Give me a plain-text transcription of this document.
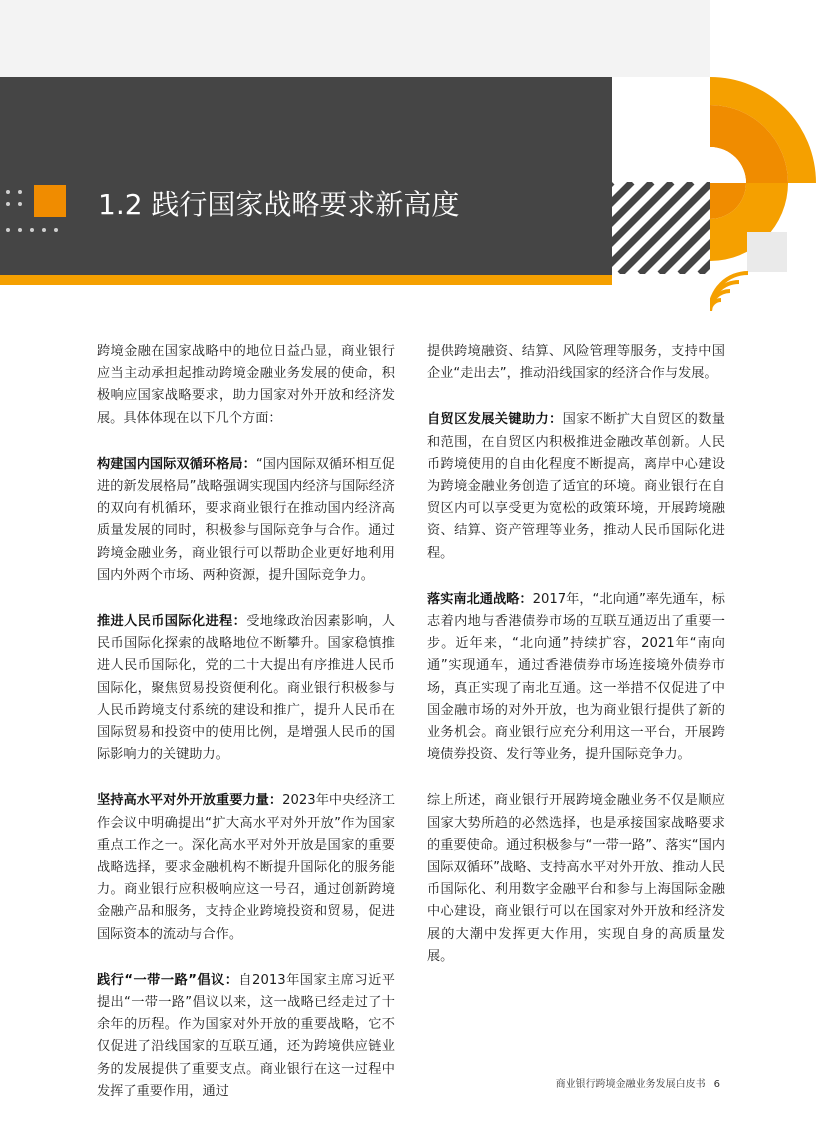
1.2 践行国家战略要求新高度

跨境金融在国家战略中的地位日益凸显，商业银行应当主动承担起推动跨境金融业务发展的使命，积极响应国家战略要求，助力国家对外开放和经济发展。具体体现在以下几个方面：

构建国内国际双循环格局：“国内国际双循环相互促进的新发展格局”战略强调实现国内经济与国际经济的双向有机循环，要求商业银行在推动国内经济高质量发展的同时，积极参与国际竞争与合作。通过跨境金融业务，商业银行可以帮助企业更好地利用国内外两个市场、两种资源，提升国际竞争力。

推进人民币国际化进程：受地缘政治因素影响，人民币国际化探索的战略地位不断攀升。国家稳慎推进人民币国际化，党的二十大提出有序推进人民币国际化，聚焦贸易投资便利化。商业银行积极参与人民币跨境支付系统的建设和推广，提升人民币在国际贸易和投资中的使用比例，是增强人民币的国际影响力的关键助力。

坚持高水平对外开放重要力量：2023年中央经济工作会议中明确提出“扩大高水平对外开放”作为国家重点工作之一。深化高水平对外开放是国家的重要战略选择，要求金融机构不断提升国际化的服务能力。商业银行应积极响应这一号召，通过创新跨境金融产品和服务，支持企业跨境投资和贸易，促进国际资本的流动与合作。

践行“一带一路”倡议：自2013年国家主席习近平提出“一带一路”倡议以来，这一战略已经走过了十余年的历程。作为国家对外开放的重要战略，它不仅促进了沿线国家的互联互通，还为跨境供应链业务的发展提供了重要支点。商业银行在这一过程中发挥了重要作用，通过

提供跨境融资、结算、风险管理等服务，支持中国企业“走出去”，推动沿线国家的经济合作与发展。

自贸区发展关键助力：国家不断扩大自贸区的数量和范围，在自贸区内积极推进金融改革创新。人民币跨境使用的自由化程度不断提高，离岸中心建设为跨境金融业务创造了适宜的环境。商业银行在自贸区内可以享受更为宽松的政策环境，开展跨境融资、结算、资产管理等业务，推动人民币国际化进程。

落实南北通战略：2017年，“北向通”率先通车，标志着内地与香港债券市场的互联互通迈出了重要一步。近年来，“北向通”持续扩容，2021年“南向通”实现通车，通过香港债券市场连接境外债券市场，真正实现了南北互通。这一举措不仅促进了中国金融市场的对外开放，也为商业银行提供了新的业务机会。商业银行应充分利用这一平台，开展跨境债券投资、发行等业务，提升国际竞争力。

综上所述，商业银行开展跨境金融业务不仅是顺应国家大势所趋的必然选择，也是承接国家战略要求的重要使命。通过积极参与“一带一路”、落实“国内国际双循环”战略、支持高水平对外开放、推动人民币国际化、利用数字金融平台和参与上海国际金融中心建设，商业银行可以在国家对外开放和经济发展的大潮中发挥更大作用，实现自身的高质量发展。

商业银行跨境金融业务发展白皮书 6
